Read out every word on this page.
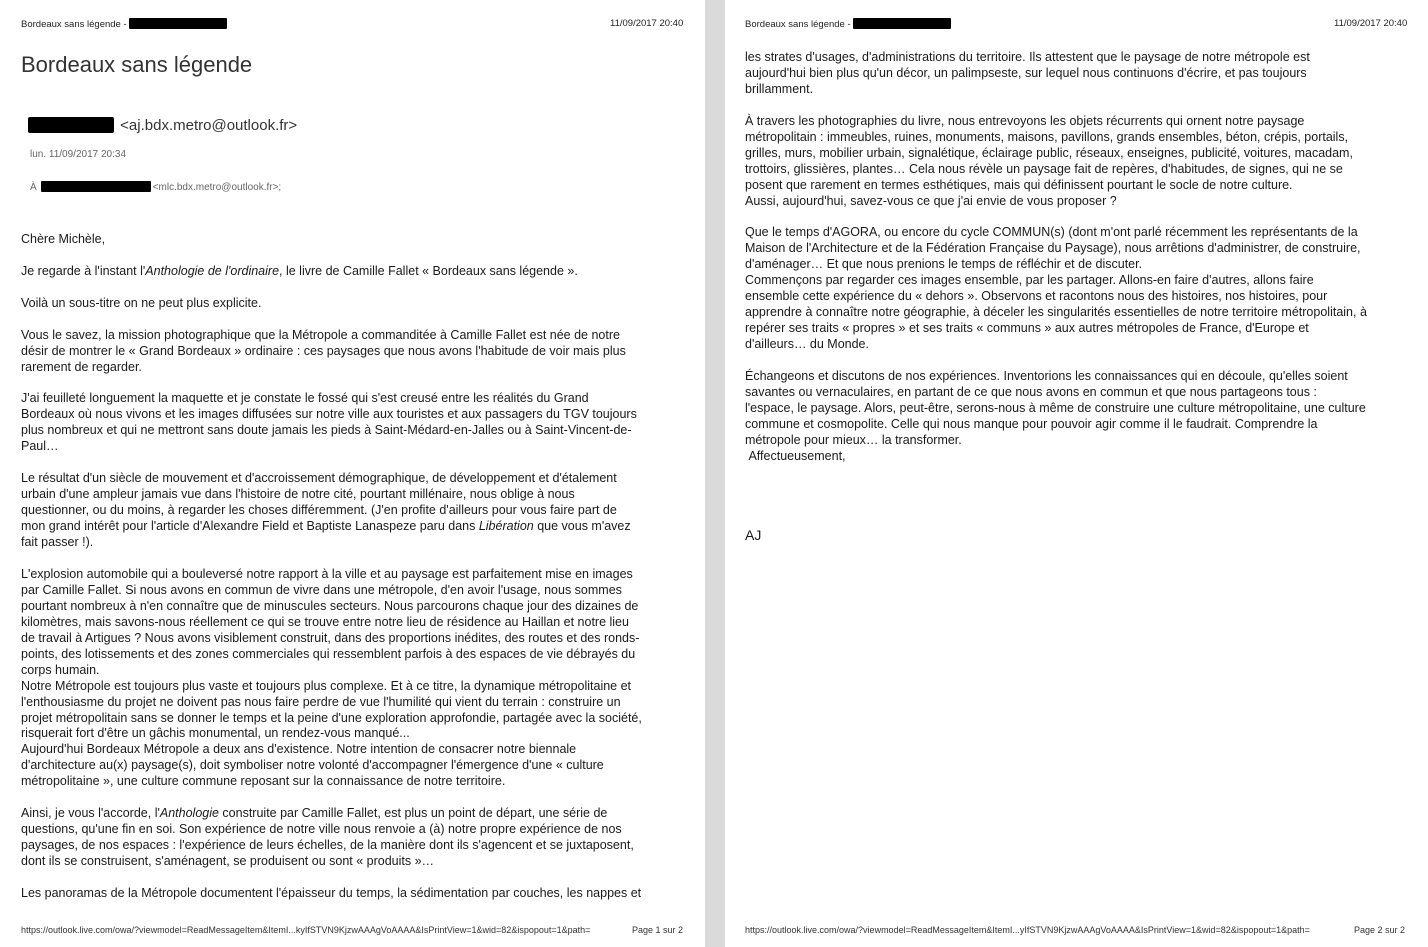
Bordeaux sans légende -	11/09/2017 20:40
Bordeaux sans légende
<aj.bdx.metro@outlook.fr>
lun. 11/09/2017 20:34
À	<mlc.bdx.metro@outlook.fr>;

Chère Michèle,

Je regarde à l'instant l'Anthologie de l'ordinaire, le livre de Camille Fallet « Bordeaux sans légende ».

Voilà un sous-titre on ne peut plus explicite.

Vous le savez, la mission photographique que la Métropole a commanditée à Camille Fallet est née de notre
désir de montrer le « Grand Bordeaux » ordinaire : ces paysages que nous avons l'habitude de voir mais plus
rarement de regarder.

J'ai feuilleté longuement la maquette et je constate le fossé qui s'est creusé entre les réalités du Grand
Bordeaux où nous vivons et les images diffusées sur notre ville aux touristes et aux passagers du TGV toujours
plus nombreux et qui ne mettront sans doute jamais les pieds à Saint-Médard-en-Jalles ou à Saint-Vincent-de-
Paul…

Le résultat d'un siècle de mouvement et d'accroissement démographique, de développement et d'étalement
urbain d'une ampleur jamais vue dans l'histoire de notre cité, pourtant millénaire, nous oblige à nous
questionner, ou du moins, à regarder les choses différemment. (J'en profite d'ailleurs pour vous faire part de
mon grand intérêt pour l'article d'Alexandre Field et Baptiste Lanaspeze paru dans Libération que vous m'avez
fait passer !).

L'explosion automobile qui a bouleversé notre rapport à la ville et au paysage est parfaitement mise en images
par Camille Fallet. Si nous avons en commun de vivre dans une métropole, d'en avoir l'usage, nous sommes
pourtant nombreux à n'en connaître que de minuscules secteurs. Nous parcourons chaque jour des dizaines de
kilomètres, mais savons-nous réellement ce qui se trouve entre notre lieu de résidence au Haillan et notre lieu
de travail à Artigues ? Nous avons visiblement construit, dans des proportions inédites, des routes et des ronds-
points, des lotissements et des zones commerciales qui ressemblent parfois à des espaces de vie débrayés du
corps humain.
Notre Métropole est toujours plus vaste et toujours plus complexe. Et à ce titre, la dynamique métropolitaine et
l'enthousiasme du projet ne doivent pas nous faire perdre de vue l'humilité qui vient du terrain : construire un
projet métropolitain sans se donner le temps et la peine d'une exploration approfondie, partagée avec la société,
risquerait fort d'être un gâchis monumental, un rendez-vous manqué...
Aujourd'hui Bordeaux Métropole a deux ans d'existence. Notre intention de consacrer notre biennale
d'architecture au(x) paysage(s), doit symboliser notre volonté d'accompagner l'émergence d'une « culture
métropolitaine », une culture commune reposant sur la connaissance de notre territoire.

Ainsi, je vous l'accorde, l'Anthologie construite par Camille Fallet, est plus un point de départ, une série de
questions, qu'une fin en soi. Son expérience de notre ville nous renvoie a (à) notre propre expérience de nos
paysages, de nos espaces : l'expérience de leurs échelles, de la manière dont ils s'agencent et se juxtaposent,
dont ils se construisent, s'aménagent, se produisent ou sont « produits »…

Les panoramas de la Métropole documentent l'épaisseur du temps, la sédimentation par couches, les nappes et

https://outlook.live.com/owa/?viewmodel=ReadMessageItem&ItemI...kyIfSTVN9KjzwAAAgVoAAAA&IsPrintView=1&wid=82&ispopout=1&path=	Page 1 sur 2
Bordeaux sans légende -	11/09/2017 20:40
https://outlook.live.com/owa/?viewmodel=ReadMessageItem&ItemI...yIfSTVN9KjzwAAAgVoAAAA&IsPrintView=1&wid=82&ispopout=1&path=	Page 2 sur 2

les strates d'usages, d'administrations du territoire. Ils attestent que le paysage de notre métropole est
aujourd'hui bien plus qu'un décor, un palimpseste, sur lequel nous continuons d'écrire, et pas toujours
brillamment.

À travers les photographies du livre, nous entrevoyons les objets récurrents qui ornent notre paysage
métropolitain : immeubles, ruines, monuments, maisons, pavillons, grands ensembles, béton, crépis, portails,
grilles, murs, mobilier urbain, signalétique, éclairage public, réseaux, enseignes, publicité, voitures, macadam,
trottoirs, glissières, plantes… Cela nous révèle un paysage fait de repères, d'habitudes, de signes, qui ne se
posent que rarement en termes esthétiques, mais qui définissent pourtant le socle de notre culture.
Aussi, aujourd'hui, savez-vous ce que j'ai envie de vous proposer ?

Que le temps d'AGORA, ou encore du cycle COMMUN(s) (dont m'ont parlé récemment les représentants de la
Maison de l'Architecture et de la Fédération Française du Paysage), nous arrêtions d'administrer, de construire,
d'aménager… Et que nous prenions le temps de réfléchir et de discuter.
Commençons par regarder ces images ensemble, par les partager. Allons-en faire d'autres, allons faire
ensemble cette expérience du « dehors ». Observons et racontons nous des histoires, nos histoires, pour
apprendre à connaître notre géographie, à déceler les singularités essentielles de notre territoire métropolitain, à
repérer ses traits « propres » et ses traits « communs » aux autres métropoles de France, d'Europe et
d'ailleurs… du Monde.

Échangeons et discutons de nos expériences. Inventorions les connaissances qui en découle, qu'elles soient
savantes ou vernaculaires, en partant de ce que nous avons en commun et que nous partageons tous :
l'espace, le paysage. Alors, peut-être, serons-nous à même de construire une culture métropolitaine, une culture
commune et cosmopolite. Celle qui nous manque pour pouvoir agir comme il le faudrait. Comprendre la
métropole pour mieux… la transformer.
Affectueusement,

AJ
